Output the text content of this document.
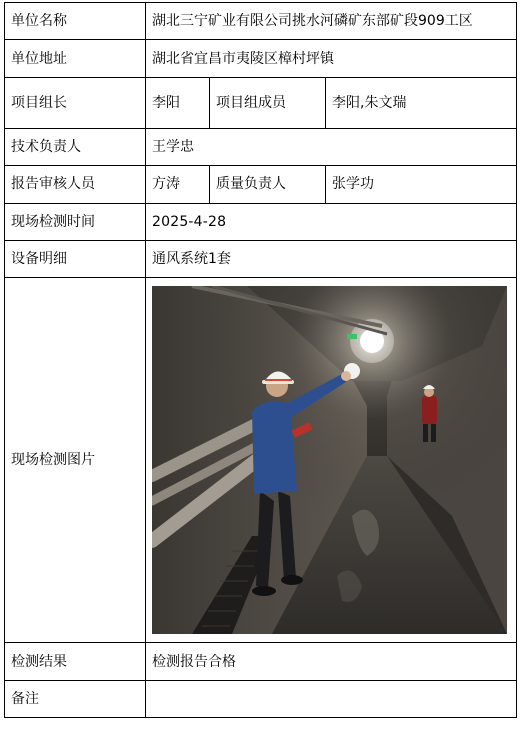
单位名称	湖北三宁矿业有限公司挑水河磷矿东部矿段909工区		
单位地址	湖北省宜昌市夷陵区樟村坪镇		
项目组长	李阳	项目组成员	李阳,朱文瑞
技术负责人	王学忠		
报告审核人员	方涛	质量负责人	张学功
现场检测时间	2025-4-28		
设备明细	通风系统1套		
现场检测图片	

检测结果	检测报告合格		
备注			
